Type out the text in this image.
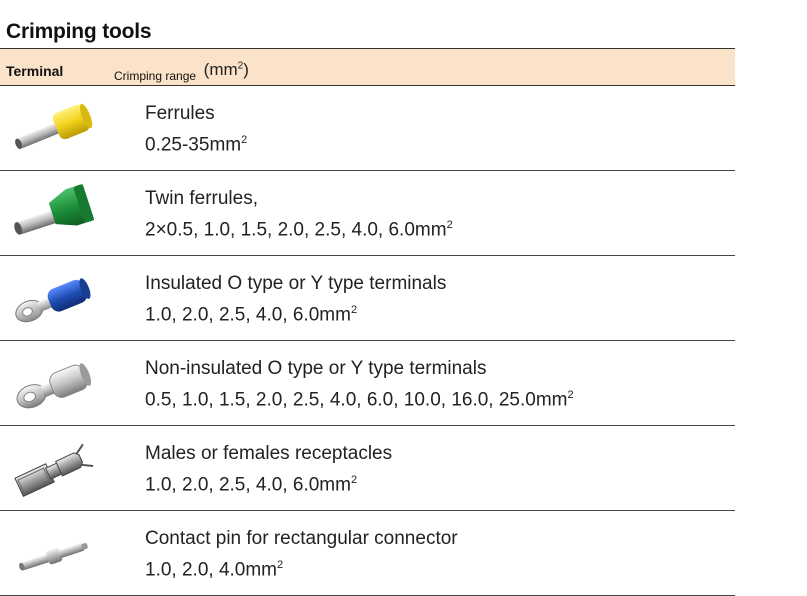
Crimping tools
Terminal	Crimping range $(mm^2)$
Ferrules
$0.25-35mm^2$
Twin ferrules,
2×0.5, 1.0, 1.5, 2.0, 2.5, 4.0, $6.0mm^2$
Insulated O type or Y type terminals
1.0, 2.0, 2.5, 4.0, $6.0mm^2$
Non-insulated O type or Y type terminals
0.5, 1.0, 1.5, 2.0, 2.5, 4.0, 6.0, 10.0, 16.0, $25.0mm^2$
Males or females receptacles
1.0, 2.0, 2.5, 4.0, $6.0mm^2$
Contact pin for rectangular connector
1.0, 2.0, $4.0mm^2$
